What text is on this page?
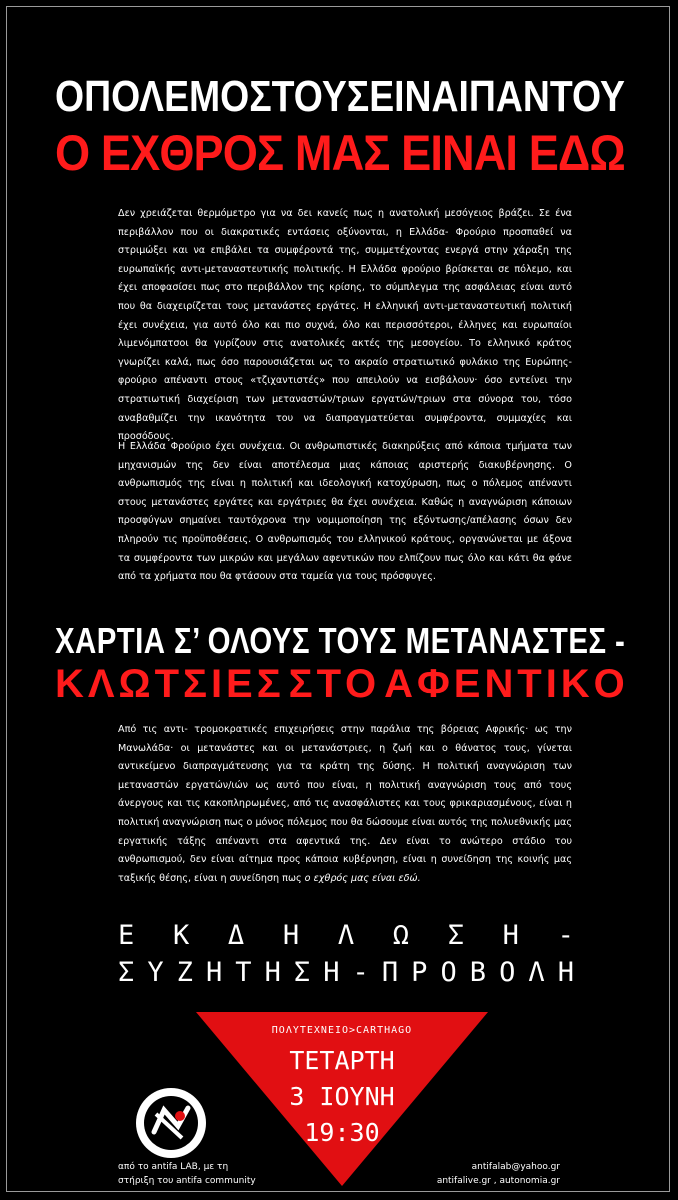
Ο ΠΟΛΕΜΟΣ ΤΟΥΣ ΕΙΝΑΙ ΠΑΝΤΟΥ
Ο ΕΧΘΡΟΣ ΜΑΣ ΕΙΝΑΙ ΕΔΩ

Δεν χρειάζεται θερμόμετρο για να δει κανείς πως η ανατολική μεσόγειος βράζει. Σε ένα περιβάλλον που οι διακρατικές εντάσεις οξύνονται, η Ελλάδα- Φρούριο προσπαθεί να στριμώξει και να επιβάλει τα συμφέροντά της, συμμετέχοντας ενεργά στην χάραξη της ευρωπαϊκής αντι-μεταναστευτικής πολιτικής. Η Ελλάδα φρούριο βρίσκεται σε πόλεμο, και έχει αποφασίσει πως στο περιβάλλον της κρίσης, το σύμπλεγμα της ασφάλειας είναι αυτό που θα διαχειρίζεται τους μετανάστες εργάτες. Η ελληνική αντι-μεταναστευτική πολιτική έχει συνέχεια, για αυτό όλο και πιο συχνά, όλο και περισσότεροι, έλληνες και ευρωπαίοι λιμενόμπατσοι θα γυρίζουν στις ανατολικές ακτές της μεσογείου. Το ελληνικό κράτος γνωρίζει καλά, πως όσο παρουσιάζεται ως το ακραίο στρατιωτικό φυλάκιο της Ευρώπης- φρούριο απέναντι στους «τζιχαντιστές» που απειλούν να εισβάλουν· όσο εντείνει την στρατιωτική διαχείριση των μεταναστών/τριων εργατών/τριων στα σύνορα του, τόσο αναβαθμίζει την ικανότητα του να διαπραγματεύεται συμφέροντα, συμμαχίες και προσόδους.

Η Ελλάδα Φρούριο έχει συνέχεια. Οι ανθρωπιστικές διακηρύξεις από κάποια τμήματα των μηχανισμών της δεν είναι αποτέλεσμα μιας κάποιας αριστερής διακυβέρνησης. Ο ανθρωπισμός της είναι η πολιτική και ιδεολογική κατοχύρωση, πως ο πόλεμος απέναντι στους μετανάστες εργάτες και εργάτριες θα έχει συνέχεια. Καθώς η αναγνώριση κάποιων προσφύγων σημαίνει ταυτόχρονα την νομιμοποίηση της εξόντωσης/απέλασης όσων δεν πληρούν τις προϋποθέσεις. Ο ανθρωπισμός του ελληνικού κράτους, οργανώνεται με άξονα τα συμφέροντα των μικρών και μεγάλων αφεντικών που ελπίζουν πως όλο και κάτι θα φάνε από τα χρήματα που θα φτάσουν στα ταμεία για τους πρόσφυγες.

ΧΑΡΤΙΑ Σ’ ΟΛΟΥΣ ΤΟΥΣ ΜΕΤΑΝΑΣΤΕΣ -
Κ Λ Ω Τ Σ Ι Ε Σ Σ Τ Ο Α Φ Ε Ν Τ Ι Κ Ο

Από τις αντι- τρομοκρατικές επιχειρήσεις στην παράλια της βόρειας Αφρικής· ως την Μανωλάδα· οι μετανάστες και οι μετανάστριες, η ζωή και ο θάνατος τους, γίνεται αντικείμενο διαπραγμάτευσης για τα κράτη της δύσης. Η πολιτική αναγνώριση των μεταναστών εργατών/ιών ως αυτό που είναι, η πολιτική αναγνώριση τους από τους άνεργους και τις κακοπληρωμένες, από τις ανασφάλιστες και τους φρικαριασμένους, είναι η πολιτική αναγνώριση πως ο μόνος πόλεμος που θα δώσουμε είναι αυτός της πολυεθνικής μας εργατικής τάξης απέναντι στα αφεντικά της. Δεν είναι το ανώτερο στάδιο του ανθρωπισμού, δεν είναι αίτημα προς κάποια κυβέρνηση, είναι η συνείδηση της κοινής μας ταξικής θέσης, είναι η συνείδηση πως ο εχθρός μας είναι εδώ.

Ε Κ Δ Η Λ Ω Σ Η -
Σ Υ Ζ Η Τ Η Σ Η - Π Ρ Ο Β Ο Λ Η
ΠΟΛΥΤΕΧΝΕΙΟ>CARTHAGO
ΤΕΤΑΡΤΗ
3 ΙΟΥΝΗ
19:30
από το antifa LAB, με τη
στήριξη του antifa community
antifalab@yahoo.gr
antifalive.gr , autonomia.gr
